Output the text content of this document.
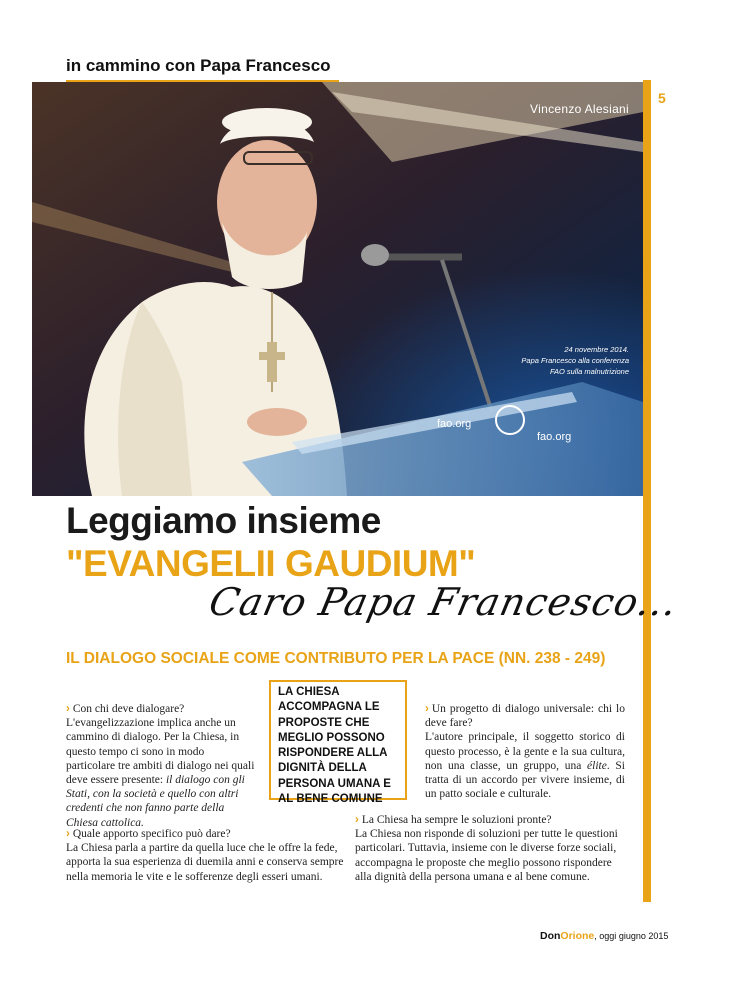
in cammino con Papa Francesco
5
fao.org
fao.org
Vincenzo Alesiani
24 novembre 2014.
Papa Francesco alla conferenza
FAO sulla malnutrizione
Leggiamo insieme
"EVANGELII GAUDIUM"
Caro Papa Francesco...
IL DIALOGO SOCIALE COME CONTRIBUTO PER LA PACE (NN. 238 - 249)
› Con chi deve dialogare?
L'evangelizzazione implica anche un cammino di dialogo. Per la Chiesa, in questo tempo ci sono in modo particolare tre ambiti di dialogo nei quali deve essere presente: il dialogo con gli Stati, con la società e quello con altri credenti che non fanno parte della Chiesa cattolica.
› Quale apporto specifico può dare?
La Chiesa parla a partire da quella luce che le offre la fede, apporta la sua esperienza di duemila anni e conserva sempre nella memoria le vite e le sofferenze degli esseri umani.
LA CHIESA ACCOMPAGNA LE PROPOSTE CHE MEGLIO POSSONO RISPONDERE ALLA DIGNITÀ DELLA PERSONA UMANA E AL BENE COMUNE
› Un progetto di dialogo universale: chi lo deve fare?
L'autore principale, il soggetto storico di questo processo, è la gente e la sua cultura, non una classe, un gruppo, una élite. Si tratta di un accordo per vivere insieme, di un patto sociale e culturale.
› La Chiesa ha sempre le soluzioni pronte?
La Chiesa non risponde di soluzioni per tutte le questioni particolari. Tuttavia, insieme con le diverse forze sociali, accompagna le proposte che meglio possono rispondere alla dignità della persona umana e al bene comune.
DonOrione, oggi giugno 2015
